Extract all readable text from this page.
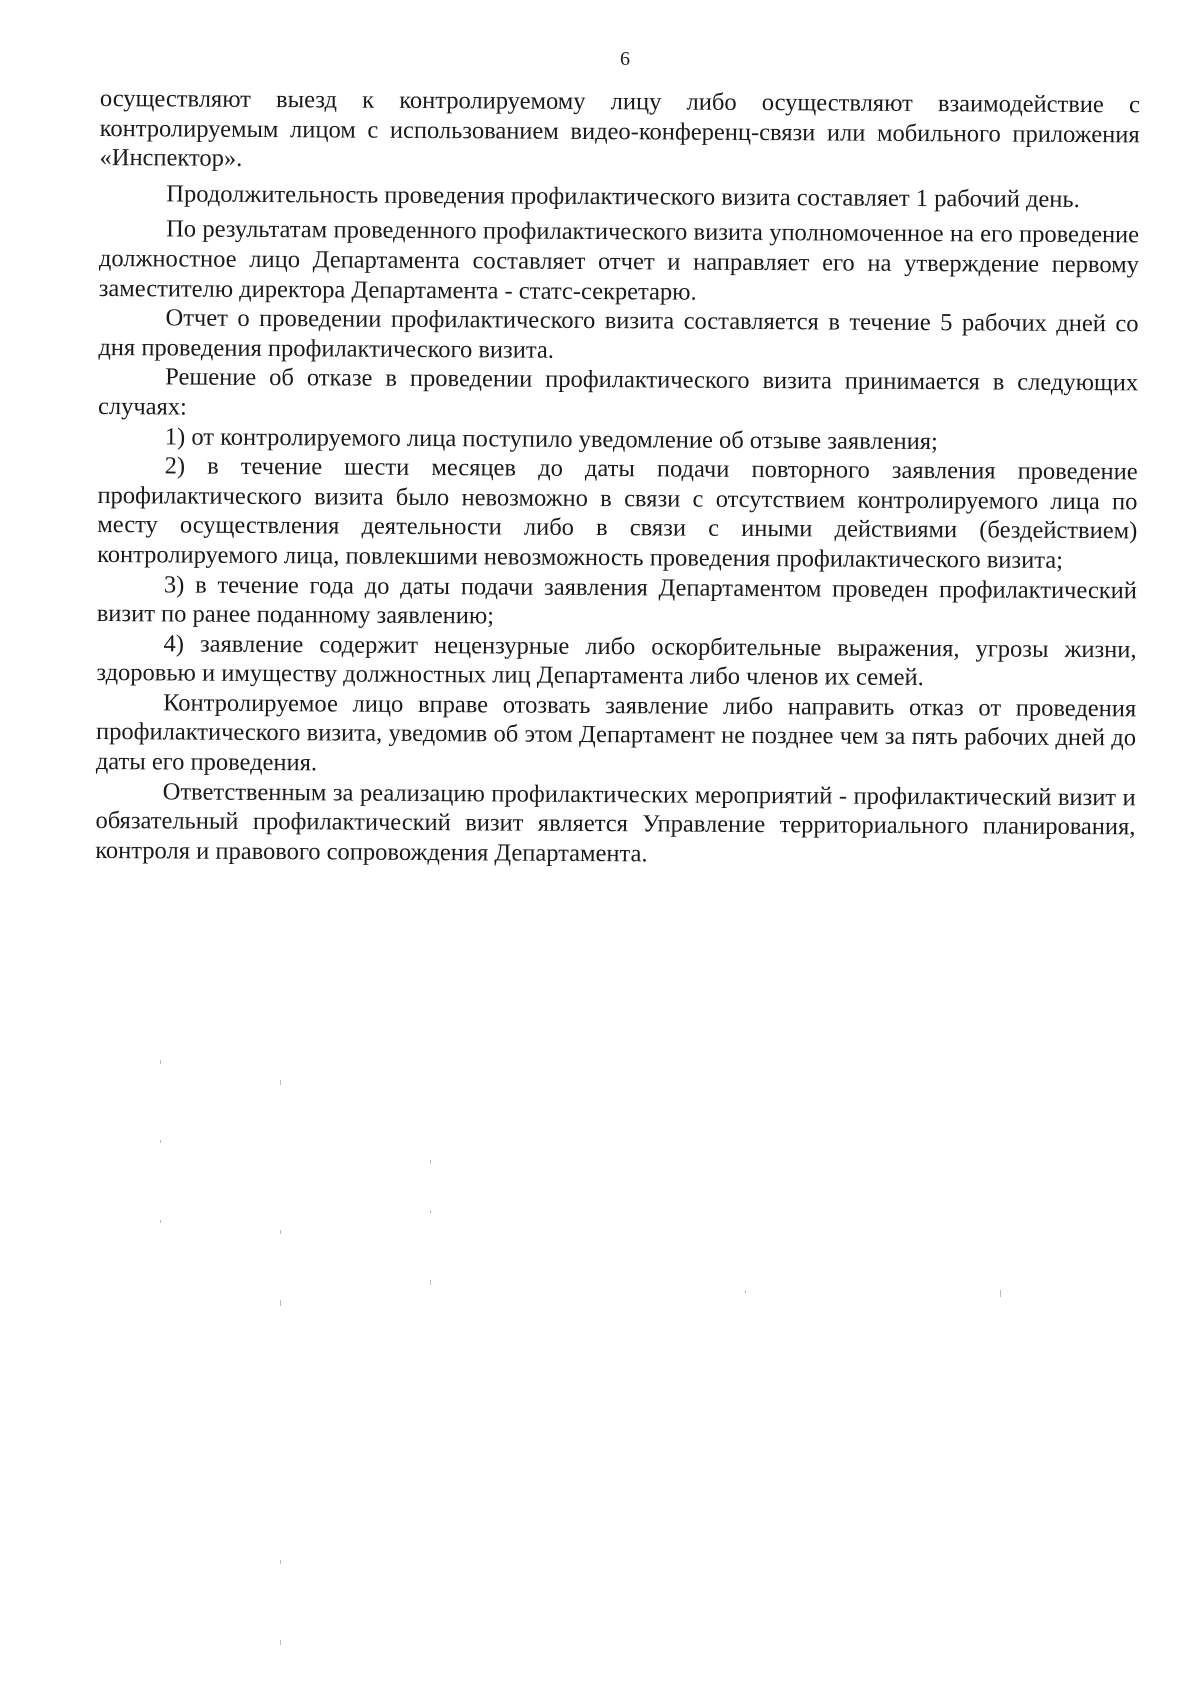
6

осуществляют выезд к контролируемому лицу либо осуществляют взаимодействие с контролируемым лицом с использованием видео-конференц-связи или мобильного приложения «Инспектор».

Продолжительность проведения профилактического визита составляет 1 рабочий день.

По результатам проведенного профилактического визита уполномоченное на его проведение должностное лицо Департамента составляет отчет и направляет его на утверждение первому заместителю директора Департамента - статс-секретарю.

Отчет о проведении профилактического визита составляется в течение 5 рабочих дней со дня проведения профилактического визита.

Решение об отказе в проведении профилактического визита принимается в следующих случаях:

1) от контролируемого лица поступило уведомление об отзыве заявления;

2) в течение шести месяцев до даты подачи повторного заявления проведение профилактического визита было невозможно в связи с отсутствием контролируемого лица по месту осуществления деятельности либо в связи с иными действиями (бездействием) контролируемого лица, повлекшими невозможность проведения профилактического визита;

3) в течение года до даты подачи заявления Департаментом проведен профилактический визит по ранее поданному заявлению;

4) заявление содержит нецензурные либо оскорбительные выражения, угрозы жизни, здоровью и имуществу должностных лиц Департамента либо членов их семей.

Контролируемое лицо вправе отозвать заявление либо направить отказ от проведения профилактического визита, уведомив об этом Департамент не позднее чем за пять рабочих дней до даты его проведения.

Ответственным за реализацию профилактических мероприятий - профилактический визит и обязательный профилактический визит является Управление территориального планирования, контроля и правового сопровождения Департамента.
